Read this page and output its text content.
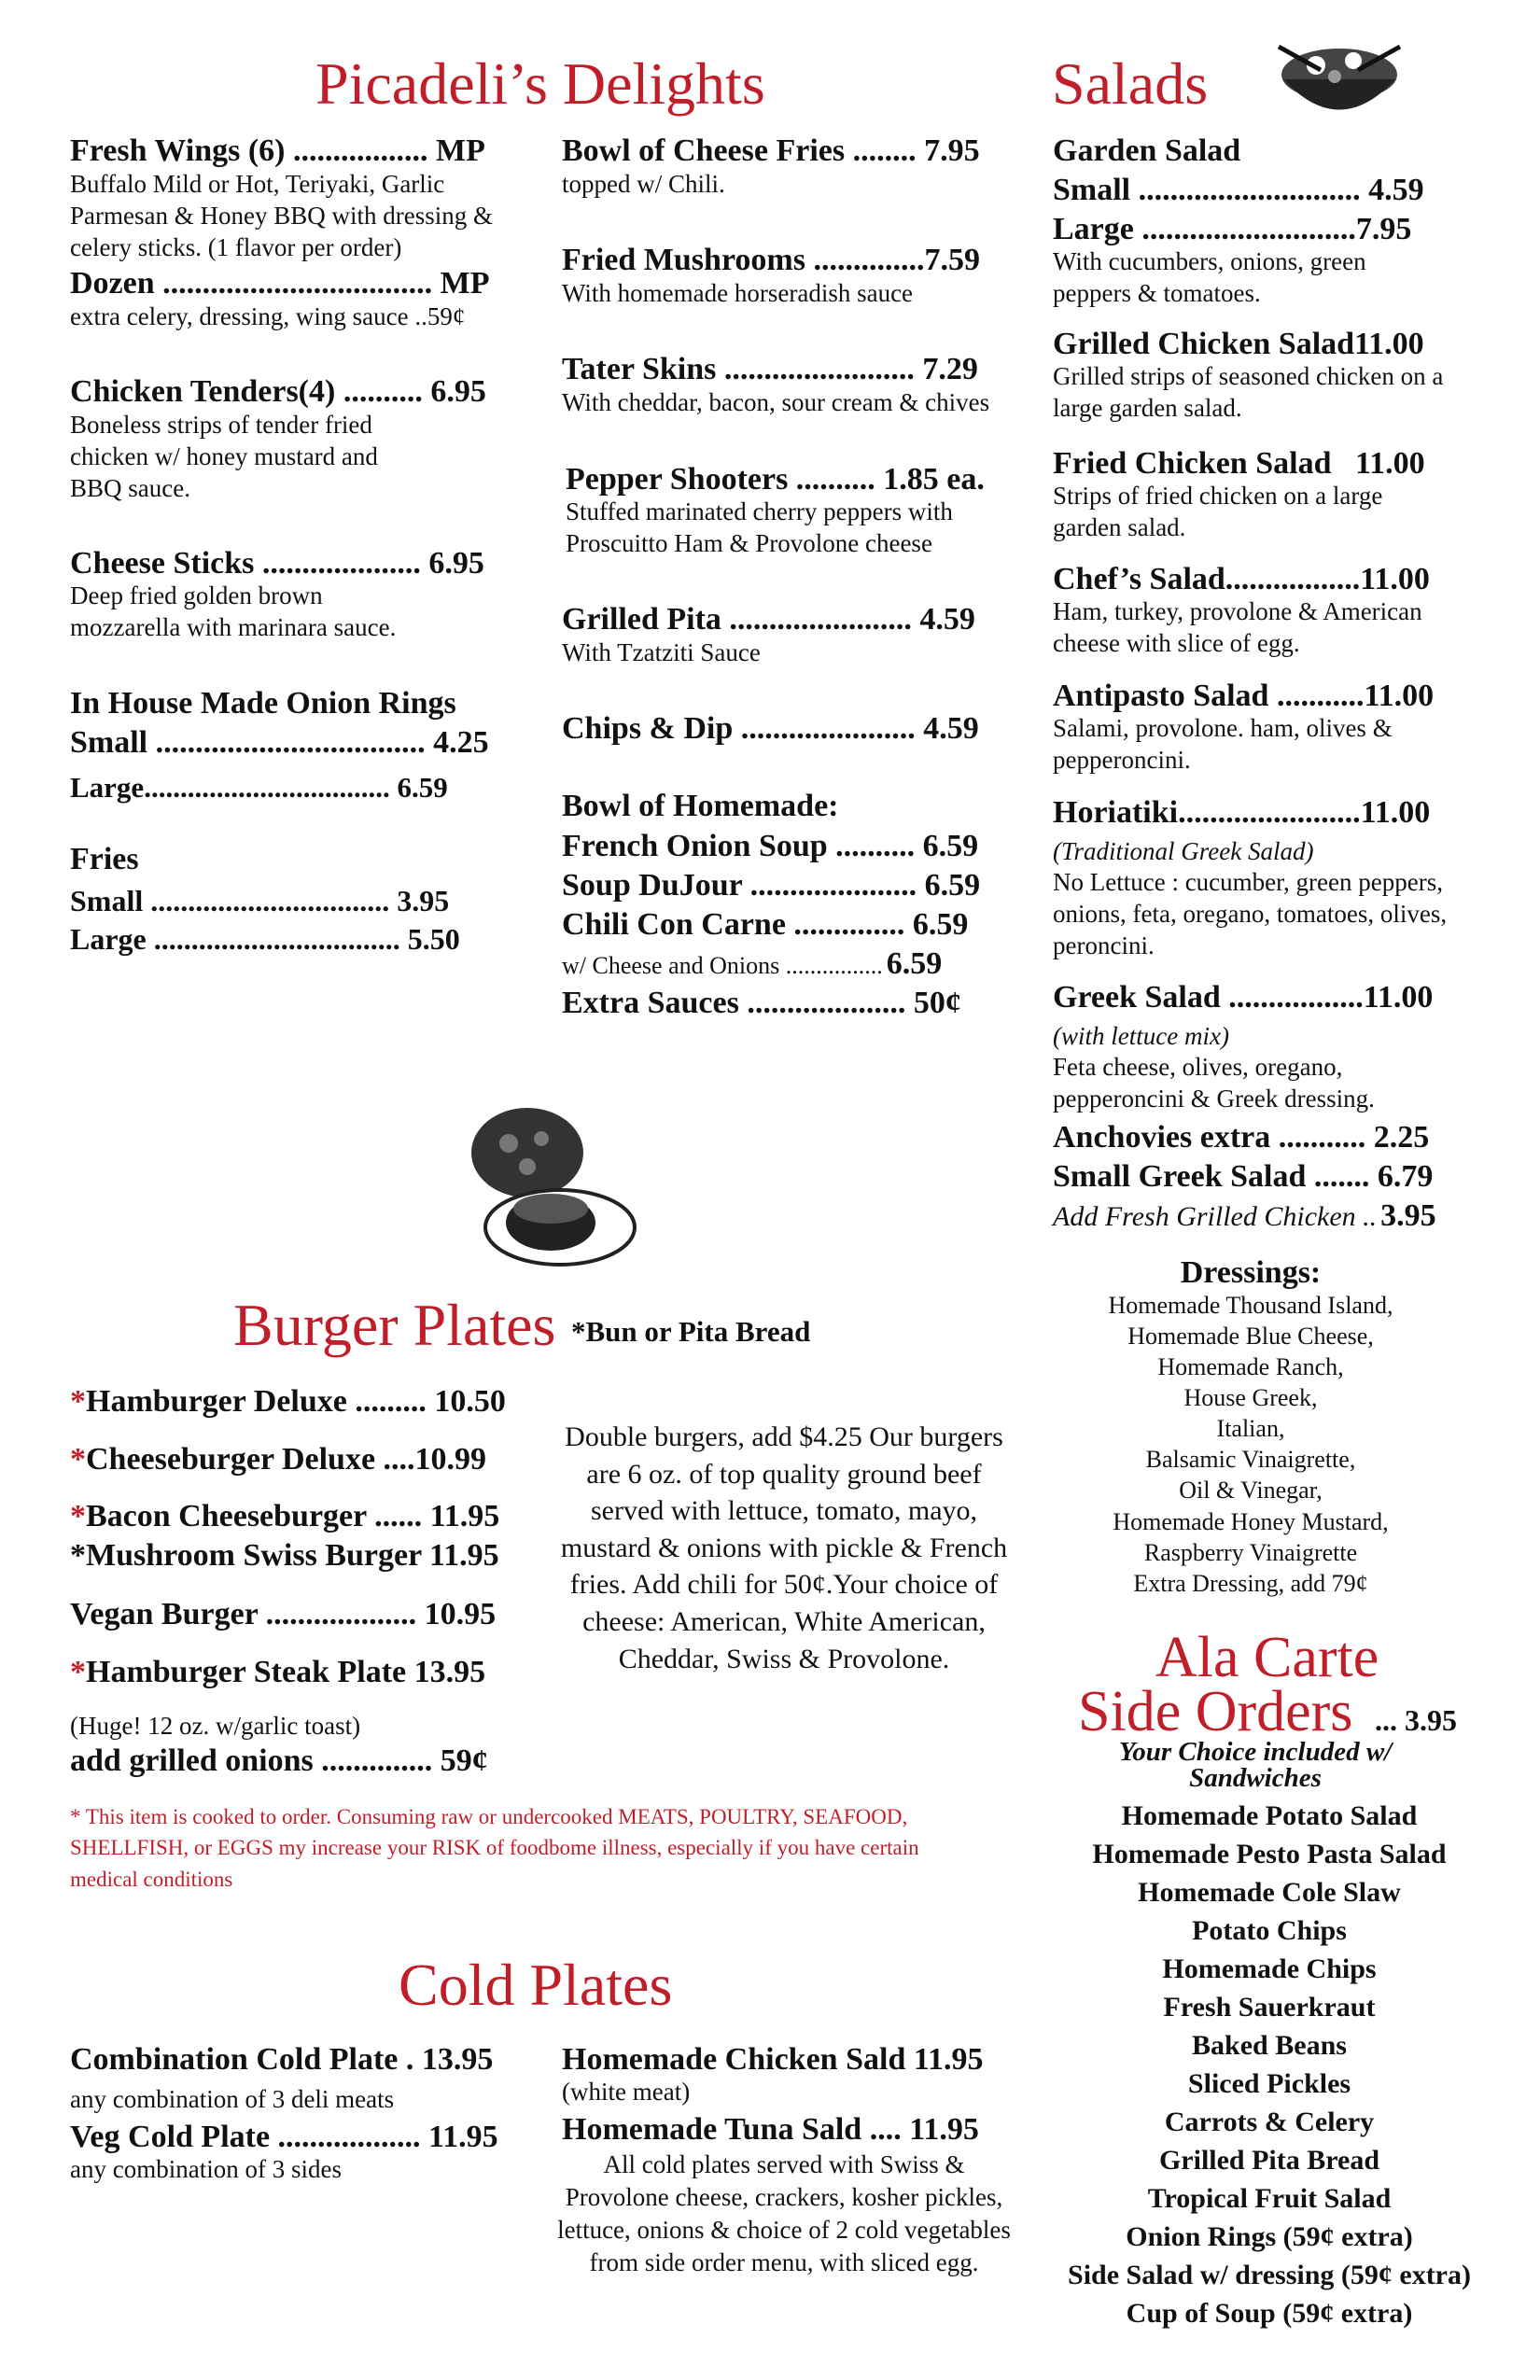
Picadeli’s Delights	Salads
Fresh Wings (6) ................. MP
Buffalo Mild or Hot, Teriyaki, Garlic Parmesan & Honey BBQ with dressing & celery sticks. (1 flavor per order)
Dozen .................................. MP
extra celery, dressing, wing sauce ..59¢
Chicken Tenders(4) .......... 6.95
Boneless strips of tender fried chicken w/ honey mustard and BBQ sauce.
Cheese Sticks .................... 6.95
Deep fried golden brown mozzarella with marinara sauce.
In House Made Onion Rings
Small .................................. 4.25
Large.................................. 6.59
Fries
Small ................................ 3.95
Large ................................. 5.50
Bowl of Cheese Fries ........ 7.95
topped w/ Chili.
Fried Mushrooms ..............7.59
With homemade horseradish sauce
Tater Skins ........................ 7.29
With cheddar, bacon, sour cream & chives
Pepper Shooters .......... 1.85 ea.
Stuffed marinated cherry peppers with Proscuitto Ham & Provolone cheese
Grilled Pita ....................... 4.59
With Tzatziti Sauce
Chips & Dip ...................... 4.59
Bowl of Homemade:
French Onion Soup .......... 6.59
Soup DuJour ..................... 6.59
Chili Con Carne .............. 6.59
w/ Cheese and Onions ................ 6.59
Extra Sauces .................... 50¢
Garden Salad
Small ............................ 4.59
Large ...........................7.95
With cucumbers, onions, green peppers & tomatoes.
Grilled Chicken Salad11.00
Grilled strips of seasoned chicken on a large garden salad.
Fried Chicken Salad   11.00
Strips of fried chicken on a large garden salad.
Chef’s Salad.................11.00
Ham, turkey, provolone & American cheese with slice of egg.
Antipasto Salad ...........11.00
Salami, provolone. ham, olives & pepperoncini.
Horiatiki.......................11.00
(Traditional Greek Salad)
No Lettuce : cucumber, green peppers, onions, feta, oregano, tomatoes, olives, peroncini.
Greek Salad .................11.00
(with lettuce mix)
Feta cheese, olives, oregano, pepperoncini & Greek dressing.
Anchovies extra ........... 2.25
Small Greek Salad ....... 6.79
Add Fresh Grilled Chicken .. 3.95
Dressings:
Homemade Thousand Island,
Homemade Blue Cheese,
Homemade Ranch,
House Greek,
Italian,
Balsamic Vinaigrette,
Oil & Vinegar,
Homemade Honey Mustard,
Raspberry Vinaigrette
Extra Dressing, add 79¢
Burger Plates *Bun or Pita Bread
*Hamburger Deluxe ......... 10.50
*Cheeseburger Deluxe ....10.99
*Bacon Cheeseburger ...... 11.95
*Mushroom Swiss Burger 11.95
Vegan Burger ................... 10.95
*Hamburger Steak Plate 13.95
(Huge! 12 oz. w/garlic toast)
add grilled onions .............. 59¢
Double burgers, add $4.25 Our burgers are 6 oz. of top quality ground beef served with lettuce, tomato, mayo, mustard & onions with pickle & French fries. Add chili for 50¢.Your choice of cheese: American, White American, Cheddar, Swiss & Provolone.
* This item is cooked to order. Consuming raw or undercooked MEATS, POULTRY, SEAFOOD, SHELLFISH, or EGGS my increase your RISK of foodbome illness, especially if you have certain medical conditions
Cold Plates
Combination Cold Plate . 13.95
any combination of 3 deli meats
Veg Cold Plate .................. 11.95
any combination of 3 sides
Homemade Chicken Sald 11.95
(white meat)
Homemade Tuna Sald .... 11.95
All cold plates served with Swiss & Provolone cheese, crackers, kosher pickles, lettuce, onions & choice of 2 cold vegetables from side order menu, with sliced egg.
Ala Carte
Side Orders ... 3.95
Your Choice included w/ Sandwiches
Homemade Potato Salad
Homemade Pesto Pasta Salad
Homemade Cole Slaw
Potato Chips
Homemade Chips
Fresh Sauerkraut
Baked Beans
Sliced Pickles
Carrots & Celery
Grilled Pita Bread
Tropical Fruit Salad
Onion Rings (59¢ extra)
Side Salad w/ dressing (59¢ extra)
Cup of Soup (59¢ extra)
